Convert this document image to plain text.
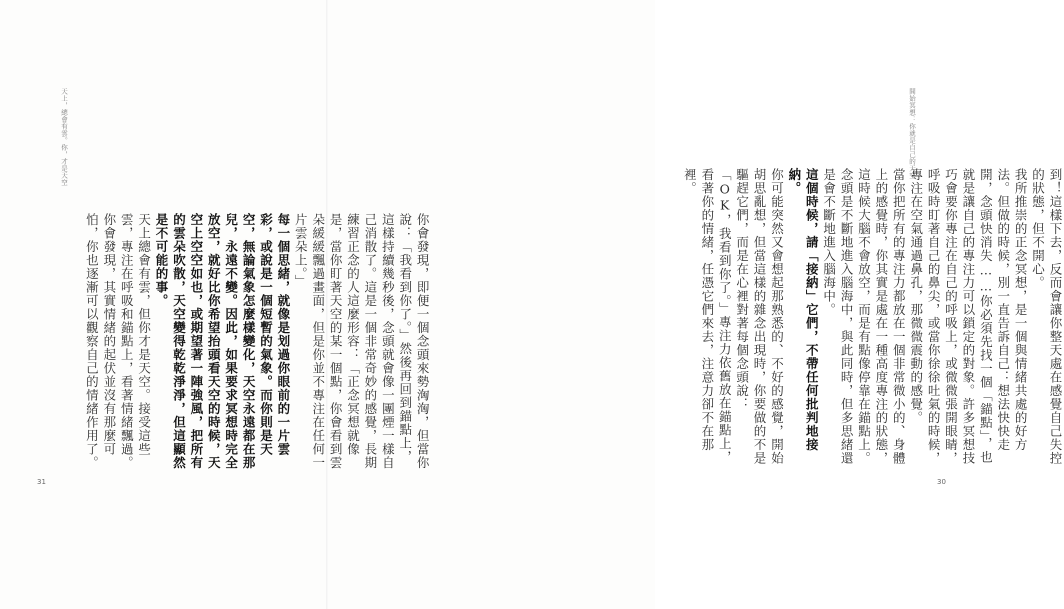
天上，總會有雲。你，才是天空
你會發現，即便一個念頭來勢洶洶，但當你說：「我看到你了。」然後再回到錨點上，這樣持續幾秒後，念頭就會像一團煙一樣自己消散了。這是一個非常奇妙的感覺，長期練習正念的人這麼形容：「正念冥想就像是，當你盯著天空的某一個點，你會看到雲朵緩緩飄過畫面，但是你並不專注在任何一片雲朵上。」
每一個思緒，就像是划過你眼前的一片雲彩，或說是一個短暫的氣象。而你則是天空，無論氣象怎麼樣變化，天空永遠都在那兒，永遠不變。因此，如果要求冥想時完全放空，就好比你希望抬頭看天空的時候，天空上空空如也，或期望著一陣強風，把所有的雲朵吹散，天空變得乾乾淨淨，但這顯然是不可能的事。
天上總會有雲，但你才是天空。接受這些雲，專注在呼吸和錨點上，看著情緒飄過。你會發現，其實情緒的起伏並沒有那麼可怕，你也逐漸可以觀察自己的情緒作用了。
31
開始冥想：你就是自己的天空
到！這樣下去，反而會讓你整天處在感覺自己失控的狀態，但不開心。
我所推崇的正念冥想，是一個與情緒共處的好方法。但做的時候，別一直告訴自己：想法快快走開，念頭快消失……你必須先找一個「錨點」，也就是讓自己的專注力可以鎖定的對象。許多冥想技巧會要你專注在自己的呼吸上，或微微張開眼睛，呼吸時盯著自己的鼻尖，或當你徐徐吐氣的時候，專注在空氣通過鼻孔，那微微震動的感覺。
當你把所有的專注力都放在一個非常微小的、身體上的感覺時，你其實是處在一種高度專注的狀態，這時候大腦不會放空，而是有點像停靠在錨點上。念頭是不斷地進入腦海中，與此同時，但多思緒還是會不斷地進入腦海中。
這個時候，請「接納」它們，不帶任何批判地接納。
你可能突然又會想起那熟悉的、不好的感覺，開始胡思亂想，但當這樣的雜念出現時，你要做的不是驅趕它們，而是在心裡對著每個念頭說：「OK，我看到你了。」專注力依舊放在錨點上，看著你的情緒，任憑它們來去，注意力卻不在那裡。
30
